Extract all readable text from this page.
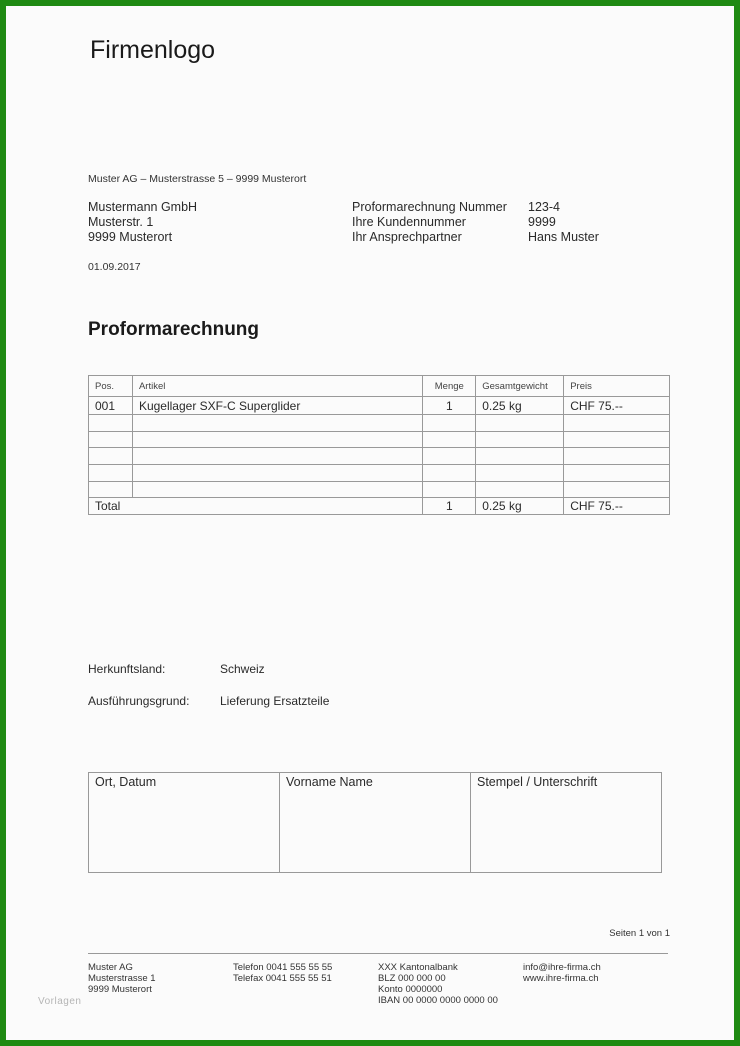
Firmenlogo
Muster AG – Musterstrasse 5 – 9999 Musterort
Mustermann GmbH
Musterstr. 1
9999 Musterort
Proformarechnung Nummer	123-4
Ihre Kundennummer	9999
Ihr Ansprechpartner	Hans Muster
01.09.2017
Proformarechnung
Pos.	Artikel	Menge	Gesamtgewicht	Preis
001	Kugellager SXF-C Superglider	1	0.25 kg	CHF 75.--

Total		1	0.25 kg	CHF 75.--
Herkunftsland:	Schweiz
Ausführungsgrund:	Lieferung Ersatzteile
Ort, Datum	Vorname Name	Stempel / Unterschrift
Seiten 1 von 1
Muster AG
Musterstrasse 1
9999 Musterort
Telefon 0041 555 55 55
Telefax 0041 555 55 51
XXX Kantonalbank
BLZ 000 000 00
Konto 0000000
IBAN 00 0000 0000 0000 00
info@ihre-firma.ch
www.ihre-firma.ch
Vorlagen
